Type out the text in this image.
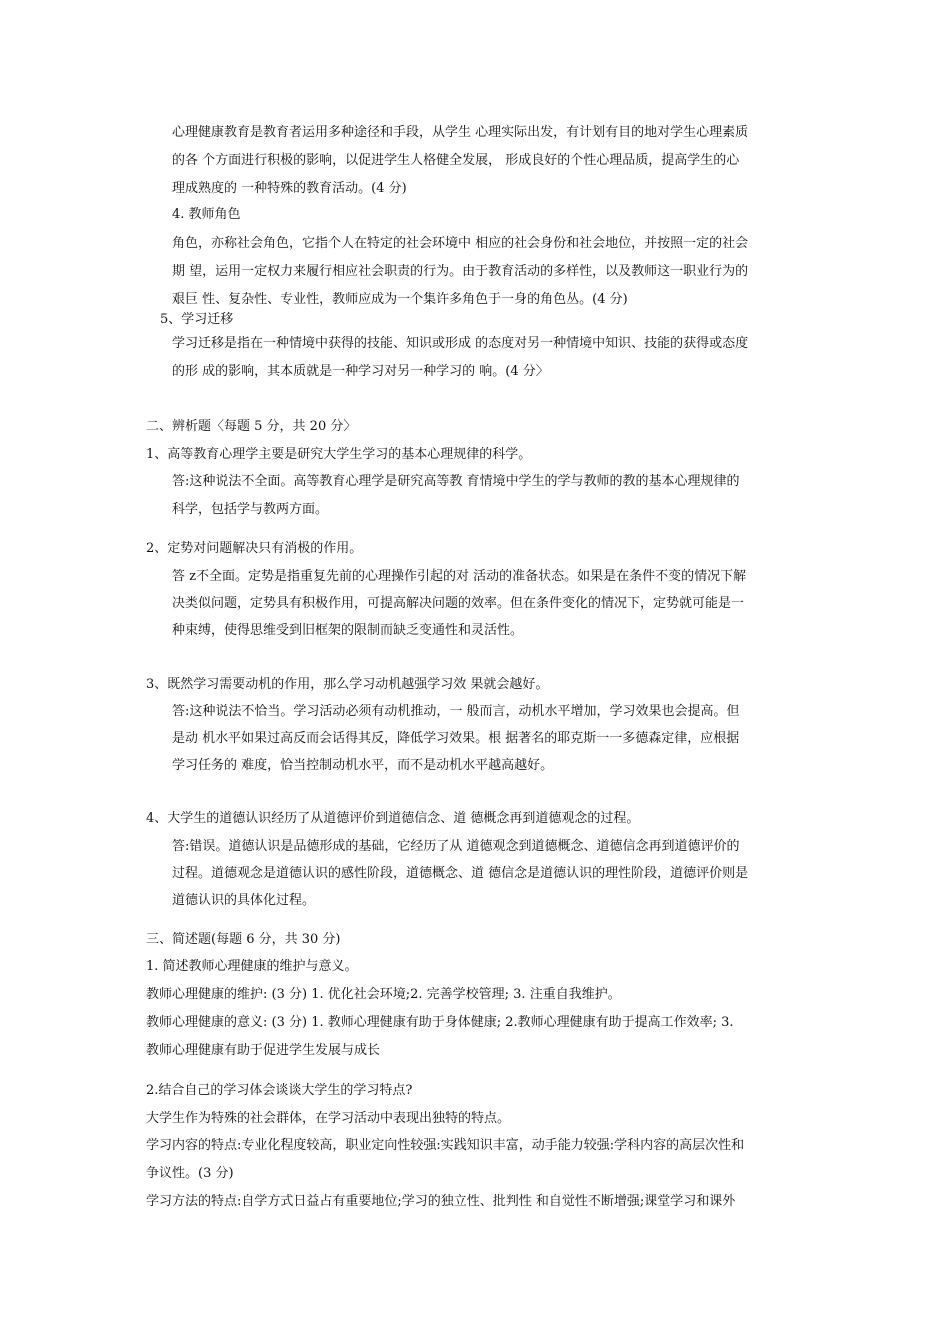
心理健康教育是教育者运用多种途径和手段，从学生 心理实际出发，有计划有目的地对学生心理素质
的各 个方面进行积极的影响，以促进学生人格健全发展， 形成良好的个性心理品质，提高学生的心
理成熟度的 一种特殊的教育活动。(4 分)
4. 教师角色
角色，亦称社会角色，它指个人在特定的社会环境中 相应的社会身份和社会地位，并按照一定的社会
期 望，运用一定权力来履行相应社会职责的行为。由于教育活动的多样性，以及教师这一职业行为的
艰巨 性、复杂性、专业性，教师应成为一个集许多角色于一身的角色丛。(4 分)
5、学习迁移
学习迁移是指在一种情境中获得的技能、知识或形成 的态度对另一种情境中知识、技能的获得或态度
的形 成的影响，其本质就是一种学习对另一种学习的 响。(4 分〉
二、辨析题〈每题 5 分，共 20 分〉
1、高等教育心理学主要是研究大学生学习的基本心理规律的科学。
答:这种说法不全面。高等教育心理学是研究高等教 育情境中学生的学与教师的教的基本心理规律的
科学，包括学与教两方面。
2、定势对问题解决只有消极的作用。
答 z不全面。定势是指重复先前的心理操作引起的对 活动的准备状态。如果是在条件不变的情况下解
决类似问题，定势具有积极作用，可提高解决问题的效率。但在条件变化的情况下，定势就可能是一
种束缚，使得思维受到旧框架的限制而缺乏变通性和灵活性。
3、既然学习需要动机的作用，那么学习动机越强学习效 果就会越好。
答:这种说法不恰当。学习活动必须有动机推动，一 般而言，动机水平增加，学习效果也会提高。但
是动 机水平如果过高反而会话得其反，降低学习效果。根 据著名的耶克斯一一多德森定律，应根据
学习任务的 难度，恰当控制动机水平，而不是动机水平越高越好。
4、大学生的道德认识经历了从道德评价到道德信念、道 德概念再到道德观念的过程。
答:错误。道德认识是品德形成的基础，它经历了从 道德观念到道德概念、道德信念再到道德评价的
过程。道德观念是道德认识的感性阶段，道德概念、道 德信念是道德认识的理性阶段，道德评价则是
道德认识的具体化过程。
三、简述题(每题 6 分，共 30 分)
1. 简述教师心理健康的维护与意义。
教师心理健康的维护: (3 分) 1. 优化社会环境;2. 完善学校管理; 3. 注重自我维护。
教师心理健康的意义: (3 分) 1. 教师心理健康有助于身体健康; 2.教师心理健康有助于提高工作效率; 3.
教师心理健康有助于促进学生发展与成长
2.结合自己的学习体会谈谈大学生的学习特点?
大学生作为特殊的社会群体，在学习活动中表现出独特的特点。
学习内容的特点:专业化程度较高，职业定向性较强:实践知识丰富，动手能力较强:学科内容的高层次性和
争议性。(3 分)
学习方法的特点:自学方式日益占有重要地位;学习的独立性、批判性 和自觉性不断增强;课堂学习和课外
